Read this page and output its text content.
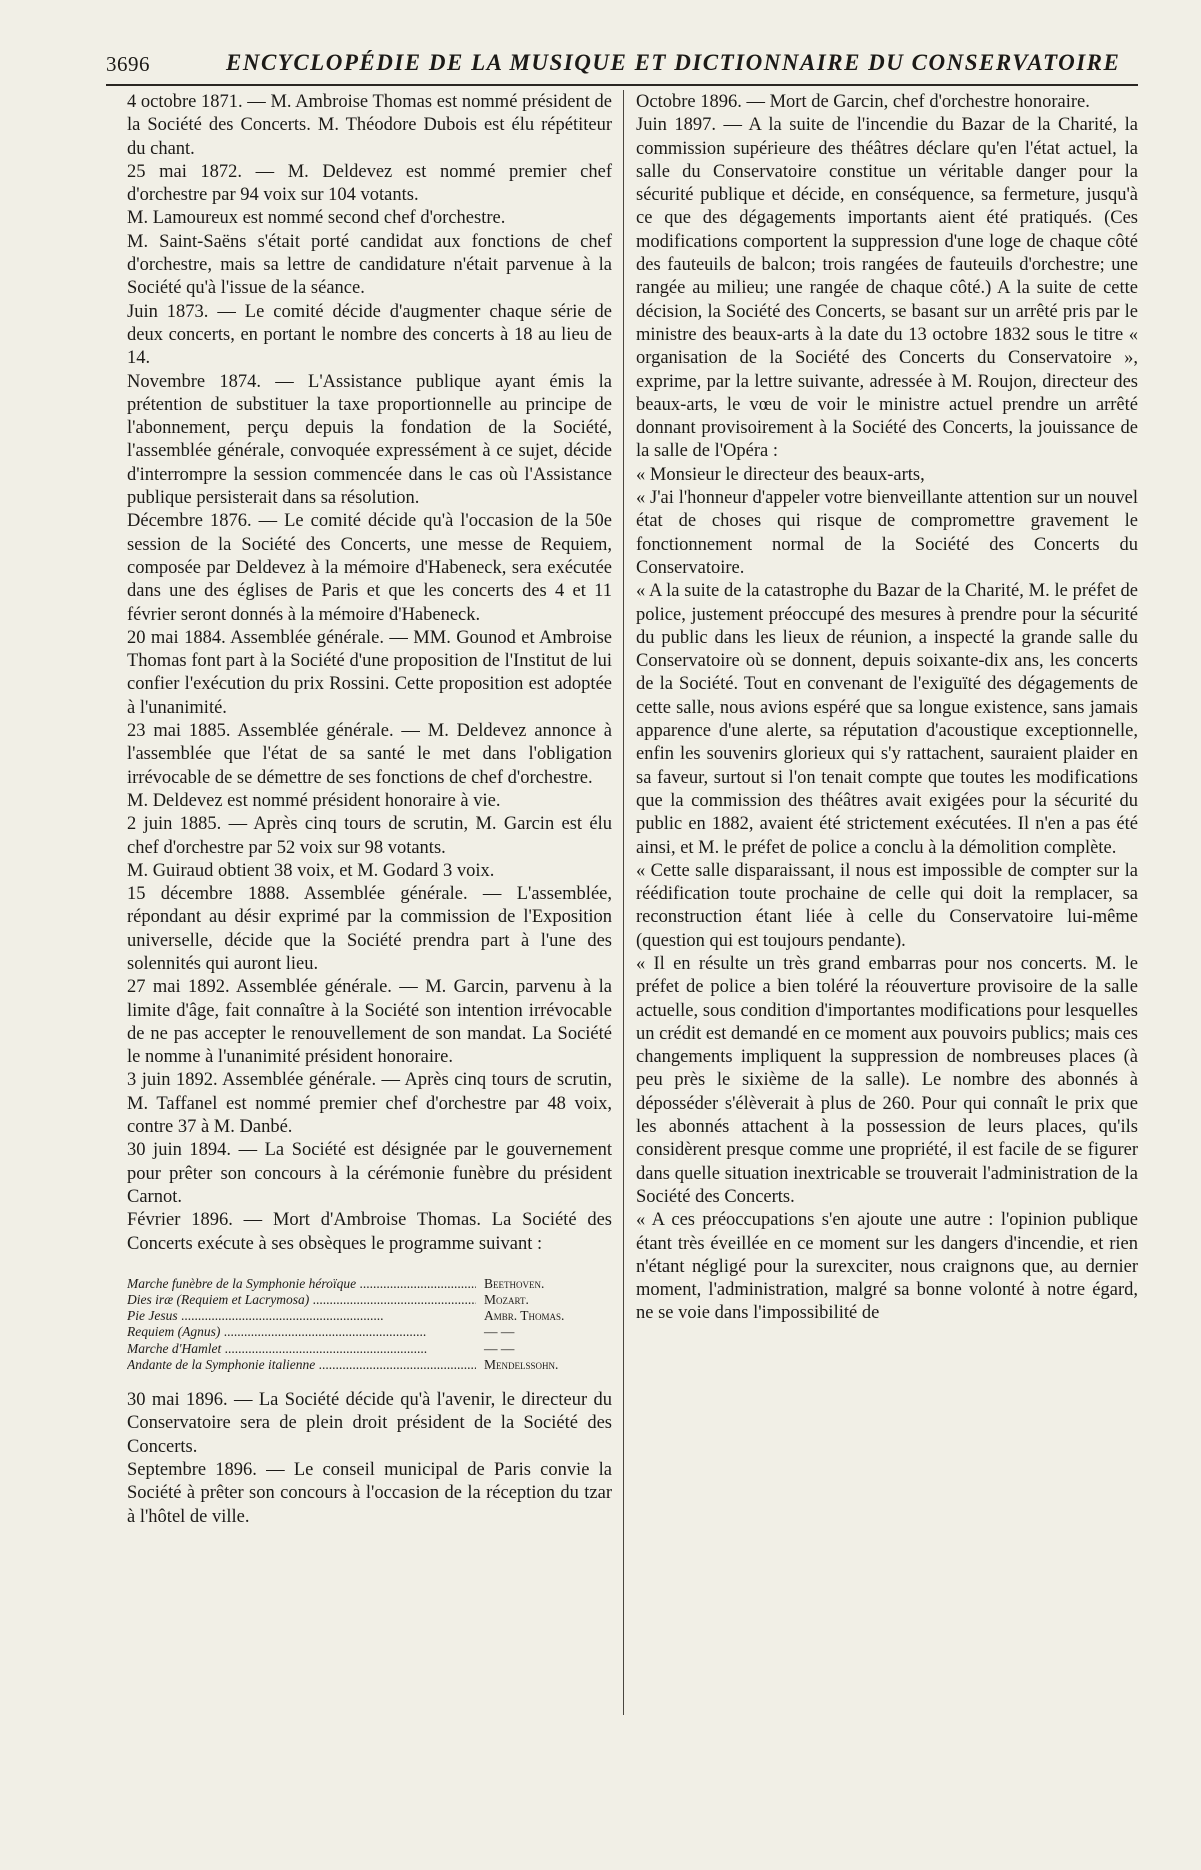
3696	ENCYCLOPÉDIE DE LA MUSIQUE ET DICTIONNAIRE DU CONSERVATOIRE

4 octobre 1871. — M. Ambroise Thomas est nommé président de la Société des Concerts. M. Théodore Dubois est élu répétiteur du chant.

25 mai 1872. — M. Deldevez est nommé premier chef d'orchestre par 94 voix sur 104 votants.

M. Lamoureux est nommé second chef d'orchestre.

M. Saint-Saëns s'était porté candidat aux fonctions de chef d'orchestre, mais sa lettre de candidature n'était parvenue à la Société qu'à l'issue de la séance.

Juin 1873. — Le comité décide d'augmenter chaque série de deux concerts, en portant le nombre des concerts à 18 au lieu de 14.

Novembre 1874. — L'Assistance publique ayant émis la prétention de substituer la taxe proportionnelle au principe de l'abonnement, perçu depuis la fondation de la Société, l'assemblée générale, convoquée expressément à ce sujet, décide d'interrompre la session commencée dans le cas où l'Assistance publique persisterait dans sa résolution.

Décembre 1876. — Le comité décide qu'à l'occasion de la 50e session de la Société des Concerts, une messe de Requiem, composée par Deldevez à la mémoire d'Habeneck, sera exécutée dans une des églises de Paris et que les concerts des 4 et 11 février seront donnés à la mémoire d'Habeneck.

20 mai 1884. Assemblée générale. — MM. Gounod et Ambroise Thomas font part à la Société d'une proposition de l'Institut de lui confier l'exécution du prix Rossini. Cette proposition est adoptée à l'unanimité.

23 mai 1885. Assemblée générale. — M. Deldevez annonce à l'assemblée que l'état de sa santé le met dans l'obligation irrévocable de se démettre de ses fonctions de chef d'orchestre.

M. Deldevez est nommé président honoraire à vie.

2 juin 1885. — Après cinq tours de scrutin, M. Garcin est élu chef d'orchestre par 52 voix sur 98 votants.

M. Guiraud obtient 38 voix, et M. Godard 3 voix.

15 décembre 1888. Assemblée générale. — L'assemblée, répondant au désir exprimé par la commission de l'Exposition universelle, décide que la Société prendra part à l'une des solennités qui auront lieu.

27 mai 1892. Assemblée générale. — M. Garcin, parvenu à la limite d'âge, fait connaître à la Société son intention irrévocable de ne pas accepter le renouvellement de son mandat. La Société le nomme à l'unanimité président honoraire.

3 juin 1892. Assemblée générale. — Après cinq tours de scrutin, M. Taffanel est nommé premier chef d'orchestre par 48 voix, contre 37 à M. Danbé.

30 juin 1894. — La Société est désignée par le gouvernement pour prêter son concours à la cérémonie funèbre du président Carnot.

Février 1896. — Mort d'Ambroise Thomas. La Société des Concerts exécute à ses obsèques le programme suivant :

Marche funèbre de la Symphonie héroïque .....	Beethoven.
Dies iræ (Requiem et Lacrymosa) .....	Mozart.
Pie Jesus .....	Ambr. Thomas.
Requiem (Agnus) .....	— —
Marche d'Hamlet .....	— —
Andante de la Symphonie italienne .....	Mendelssohn.

30 mai 1896. — La Société décide qu'à l'avenir, le directeur du Conservatoire sera de plein droit président de la Société des Concerts.

Septembre 1896. — Le conseil municipal de Paris convie la Société à prêter son concours à l'occasion de la réception du tzar à l'hôtel de ville.

Octobre 1896. — Mort de Garcin, chef d'orchestre honoraire.

Juin 1897. — A la suite de l'incendie du Bazar de la Charité, la commission supérieure des théâtres déclare qu'en l'état actuel, la salle du Conservatoire constitue un véritable danger pour la sécurité publique et décide, en conséquence, sa fermeture, jusqu'à ce que des dégagements importants aient été pratiqués. (Ces modifications comportent la suppression d'une loge de chaque côté des fauteuils de balcon; trois rangées de fauteuils d'orchestre; une rangée au milieu; une rangée de chaque côté.) A la suite de cette décision, la Société des Concerts, se basant sur un arrêté pris par le ministre des beaux-arts à la date du 13 octobre 1832 sous le titre « organisation de la Société des Concerts du Conservatoire », exprime, par la lettre suivante, adressée à M. Roujon, directeur des beaux-arts, le vœu de voir le ministre actuel prendre un arrêté donnant provisoirement à la Société des Concerts, la jouissance de la salle de l'Opéra :

« Monsieur le directeur des beaux-arts,

« J'ai l'honneur d'appeler votre bienveillante attention sur un nouvel état de choses qui risque de compromettre gravement le fonctionnement normal de la Société des Concerts du Conservatoire.

« A la suite de la catastrophe du Bazar de la Charité, M. le préfet de police, justement préoccupé des mesures à prendre pour la sécurité du public dans les lieux de réunion, a inspecté la grande salle du Conservatoire où se donnent, depuis soixante-dix ans, les concerts de la Société. Tout en convenant de l'exiguïté des dégagements de cette salle, nous avions espéré que sa longue existence, sans jamais apparence d'une alerte, sa réputation d'acoustique exceptionnelle, enfin les souvenirs glorieux qui s'y rattachent, sauraient plaider en sa faveur, surtout si l'on tenait compte que toutes les modifications que la commission des théâtres avait exigées pour la sécurité du public en 1882, avaient été strictement exécutées. Il n'en a pas été ainsi, et M. le préfet de police a conclu à la démolition complète.

« Cette salle disparaissant, il nous est impossible de compter sur la réédification toute prochaine de celle qui doit la remplacer, sa reconstruction étant liée à celle du Conservatoire lui-même (question qui est toujours pendante).

« Il en résulte un très grand embarras pour nos concerts. M. le préfet de police a bien toléré la réouverture provisoire de la salle actuelle, sous condition d'importantes modifications pour lesquelles un crédit est demandé en ce moment aux pouvoirs publics; mais ces changements impliquent la suppression de nombreuses places (à peu près le sixième de la salle). Le nombre des abonnés à déposséder s'élèverait à plus de 260. Pour qui connaît le prix que les abonnés attachent à la possession de leurs places, qu'ils considèrent presque comme une propriété, il est facile de se figurer dans quelle situation inextricable se trouverait l'administration de la Société des Concerts.

« A ces préoccupations s'en ajoute une autre : l'opinion publique étant très éveillée en ce moment sur les dangers d'incendie, et rien n'étant négligé pour la surexciter, nous craignons que, au dernier moment, l'administration, malgré sa bonne volonté à notre égard, ne se voie dans l'impossibilité de
